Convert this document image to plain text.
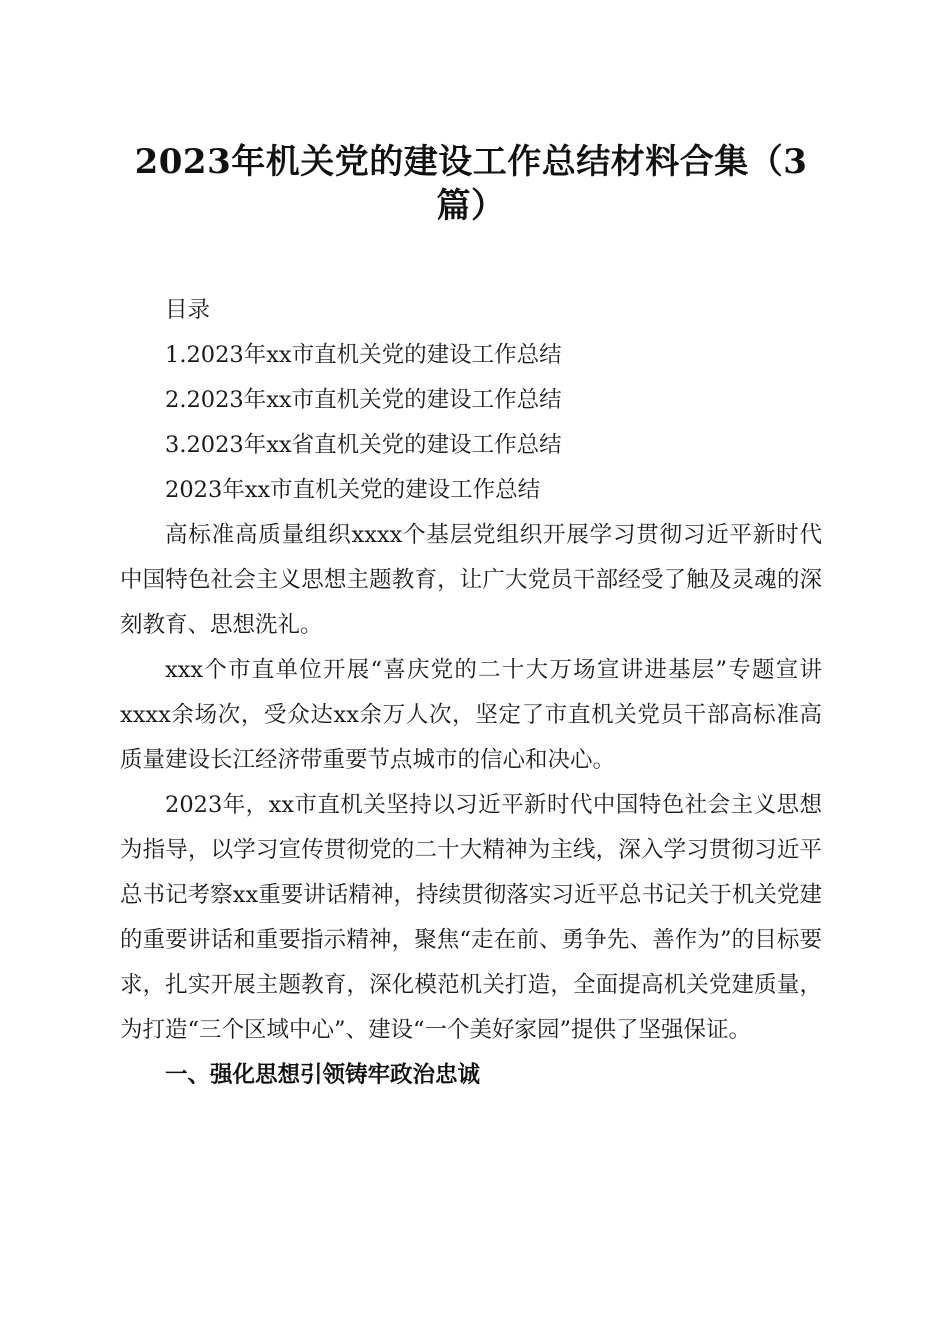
2023年机关党的建设工作总结材料合集（3篇）

目录

1.2023年xx市直机关党的建设工作总结

2.2023年xx市直机关党的建设工作总结

3.2023年xx省直机关党的建设工作总结

2023年xx市直机关党的建设工作总结

高标准高质量组织xxxx个基层党组织开展学习贯彻习近平新时代中国特色社会主义思想主题教育，让广大党员干部经受了触及灵魂的深刻教育、思想洗礼。

xxx个市直单位开展“喜庆党的二十大万场宣讲进基层”专题宣讲xxxx余场次，受众达xx余万人次，坚定了市直机关党员干部高标准高质量建设长江经济带重要节点城市的信心和决心。

2023年，xx市直机关坚持以习近平新时代中国特色社会主义思想为指导，以学习宣传贯彻党的二十大精神为主线，深入学习贯彻习近平总书记考察xx重要讲话精神，持续贯彻落实习近平总书记关于机关党建的重要讲话和重要指示精神，聚焦“走在前、勇争先、善作为”的目标要求，扎实开展主题教育，深化模范机关打造，全面提高机关党建质量，为打造“三个区域中心”、建设“一个美好家园”提供了坚强保证。

一、强化思想引领铸牢政治忠诚
